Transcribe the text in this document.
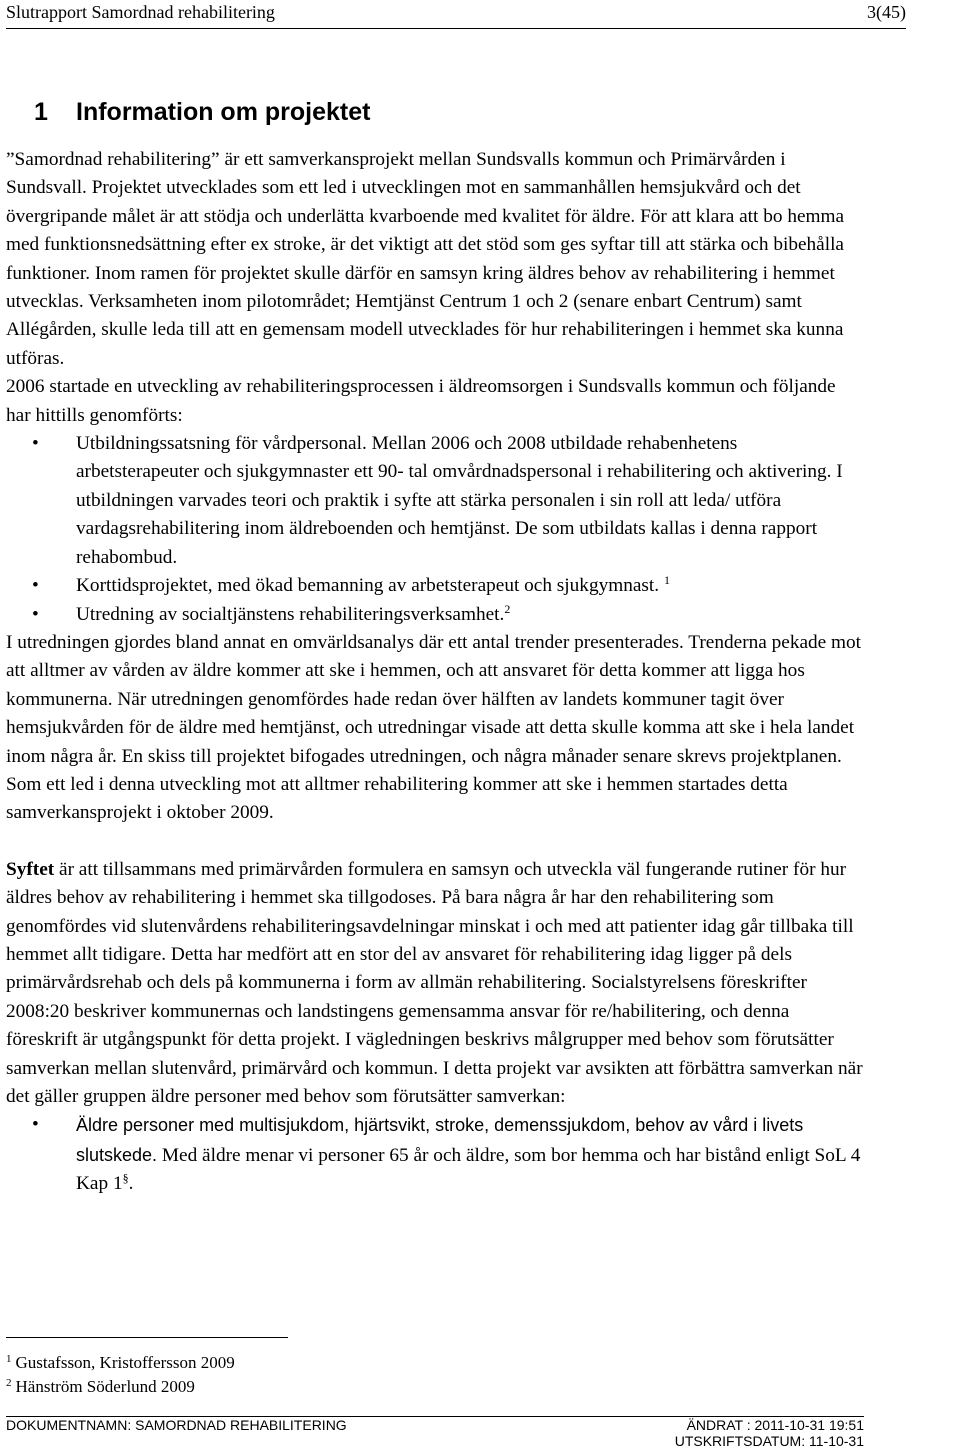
Slutrapport Samordnad rehabilitering	3(45)
1 Information om projektet

”Samordnad rehabilitering” är ett samverkansprojekt mellan Sundsvalls kommun och Primärvården i Sundsvall. Projektet utvecklades som ett led i utvecklingen mot en sammanhållen hemsjukvård och det övergripande målet är att stödja och underlätta kvarboende med kvalitet för äldre. För att klara att bo hemma med funktionsnedsättning efter ex stroke, är det viktigt att det stöd som ges syftar till att stärka och bibehålla funktioner. Inom ramen för projektet skulle därför en samsyn kring äldres behov av rehabilitering i hemmet utvecklas. Verksamheten inom pilotområdet; Hemtjänst Centrum 1 och 2 (senare enbart Centrum) samt Allégården, skulle leda till att en gemensam modell utvecklades för hur rehabiliteringen i hemmet ska kunna utföras.

2006 startade en utveckling av rehabiliteringsprocessen i äldreomsorgen i Sundsvalls kommun och följande har hittills genomförts:

• Utbildningssatsning för vårdpersonal. Mellan 2006 och 2008 utbildade rehabenhetens arbetsterapeuter och sjukgymnaster ett 90- tal omvårdnadspersonal i rehabilitering och aktivering. I utbildningen varvades teori och praktik i syfte att stärka personalen i sin roll att leda/ utföra vardagsrehabilitering inom äldreboenden och hemtjänst. De som utbildats kallas i denna rapport rehabombud.
• Korttidsprojektet, med ökad bemanning av arbetsterapeut och sjukgymnast. $^1$
• Utredning av socialtjänstens rehabiliteringsverksamhet.$^2$

I utredningen gjordes bland annat en omvärldsanalys där ett antal trender presenterades. Trenderna pekade mot att alltmer av vården av äldre kommer att ske i hemmen, och att ansvaret för detta kommer att ligga hos kommunerna. När utredningen genomfördes hade redan över hälften av landets kommuner tagit över hemsjukvården för de äldre med hemtjänst, och utredningar visade att detta skulle komma att ske i hela landet inom några år. En skiss till projektet bifogades utredningen, och några månader senare skrevs projektplanen. Som ett led i denna utveckling mot att alltmer rehabilitering kommer att ske i hemmen startades detta samverkansprojekt i oktober 2009.

Syftet är att tillsammans med primärvården formulera en samsyn och utveckla väl fungerande rutiner för hur äldres behov av rehabilitering i hemmet ska tillgodoses. På bara några år har den rehabilitering som genomfördes vid slutenvårdens rehabiliteringsavdelningar minskat i och med att patienter idag går tillbaka till hemmet allt tidigare. Detta har medfört att en stor del av ansvaret för rehabilitering idag ligger på dels primärvårdsrehab och dels på kommunerna i form av allmän rehabilitering. Socialstyrelsens föreskrifter 2008:20 beskriver kommunernas och landstingens gemensamma ansvar för re/habilitering, och denna föreskrift är utgångspunkt för detta projekt. I vägledningen beskrivs målgrupper med behov som förutsätter samverkan mellan slutenvård, primärvård och kommun. I detta projekt var avsikten att förbättra samverkan när det gäller gruppen äldre personer med behov som förutsätter samverkan:

• Äldre personer med multisjukdom, hjärtsvikt, stroke, demenssjukdom, behov av vård i livets slutskede. Med äldre menar vi personer 65 år och äldre, som bor hemma och har bistånd enligt SoL 4 Kap 1§.

$^1$ Gustafsson, Kristoffersson 2009

$^2$ Hänström Söderlund 2009

DOKUMENTNAMN: SAMORDNAD REHABILITERING	ÄNDRAT : 2011-10-31 19:51
UTSKRIFTSDATUM: 11-10-31
